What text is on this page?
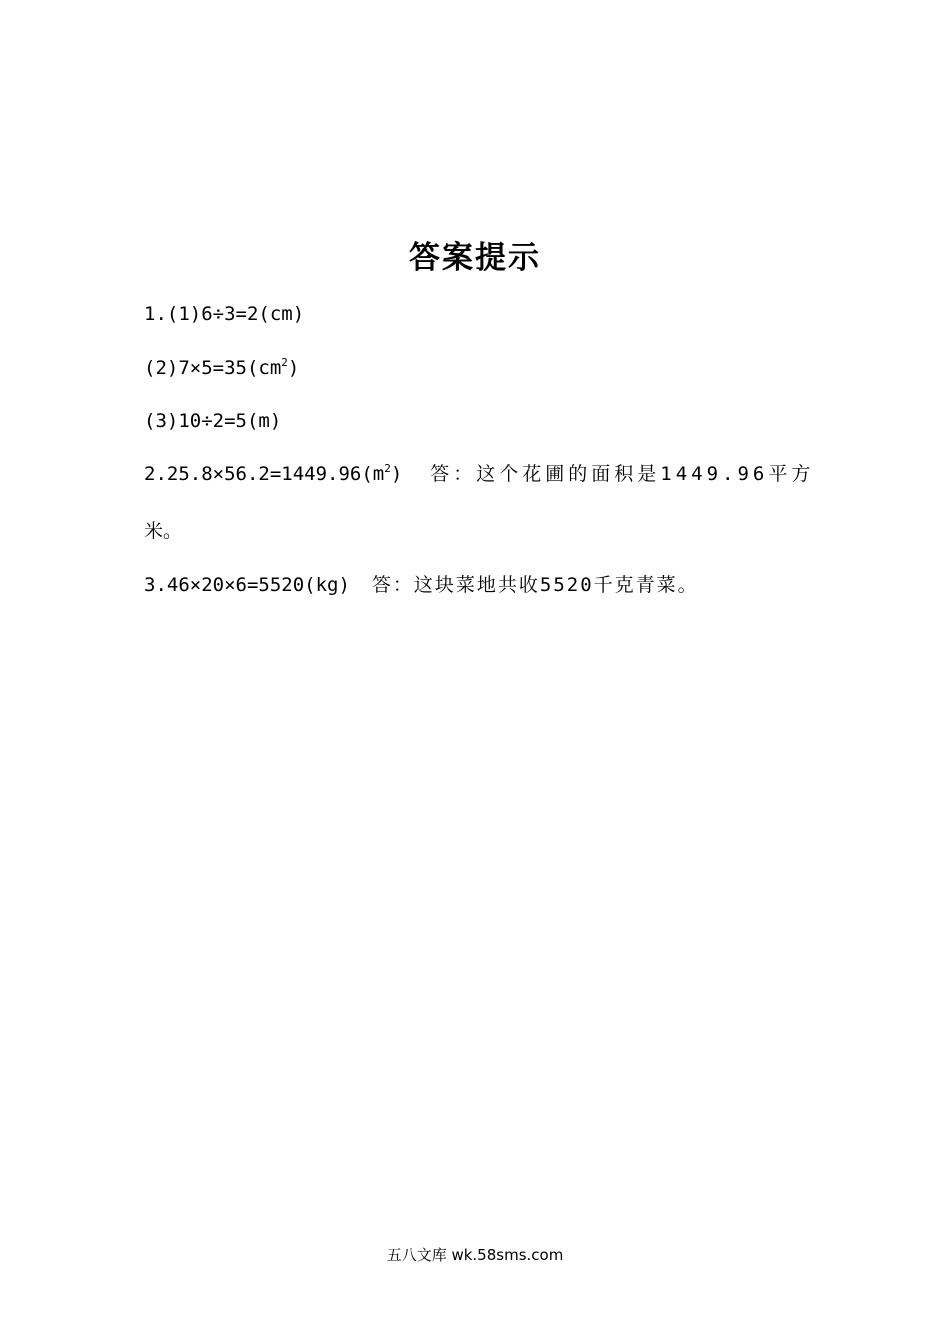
答案提示
1.(1)6÷3=2(cm)
$(2)7\times 5=35(cm^2)$
(3)10÷2=5(m)
$2.25.8\times 56.2=1449.96(m^2)$ 答：这个花圃的面积是1449.96平方
米。
3.46×20×6=5520(kg) 答：这块菜地共收5520千克青菜。
五八文库 wk.58sms.com
